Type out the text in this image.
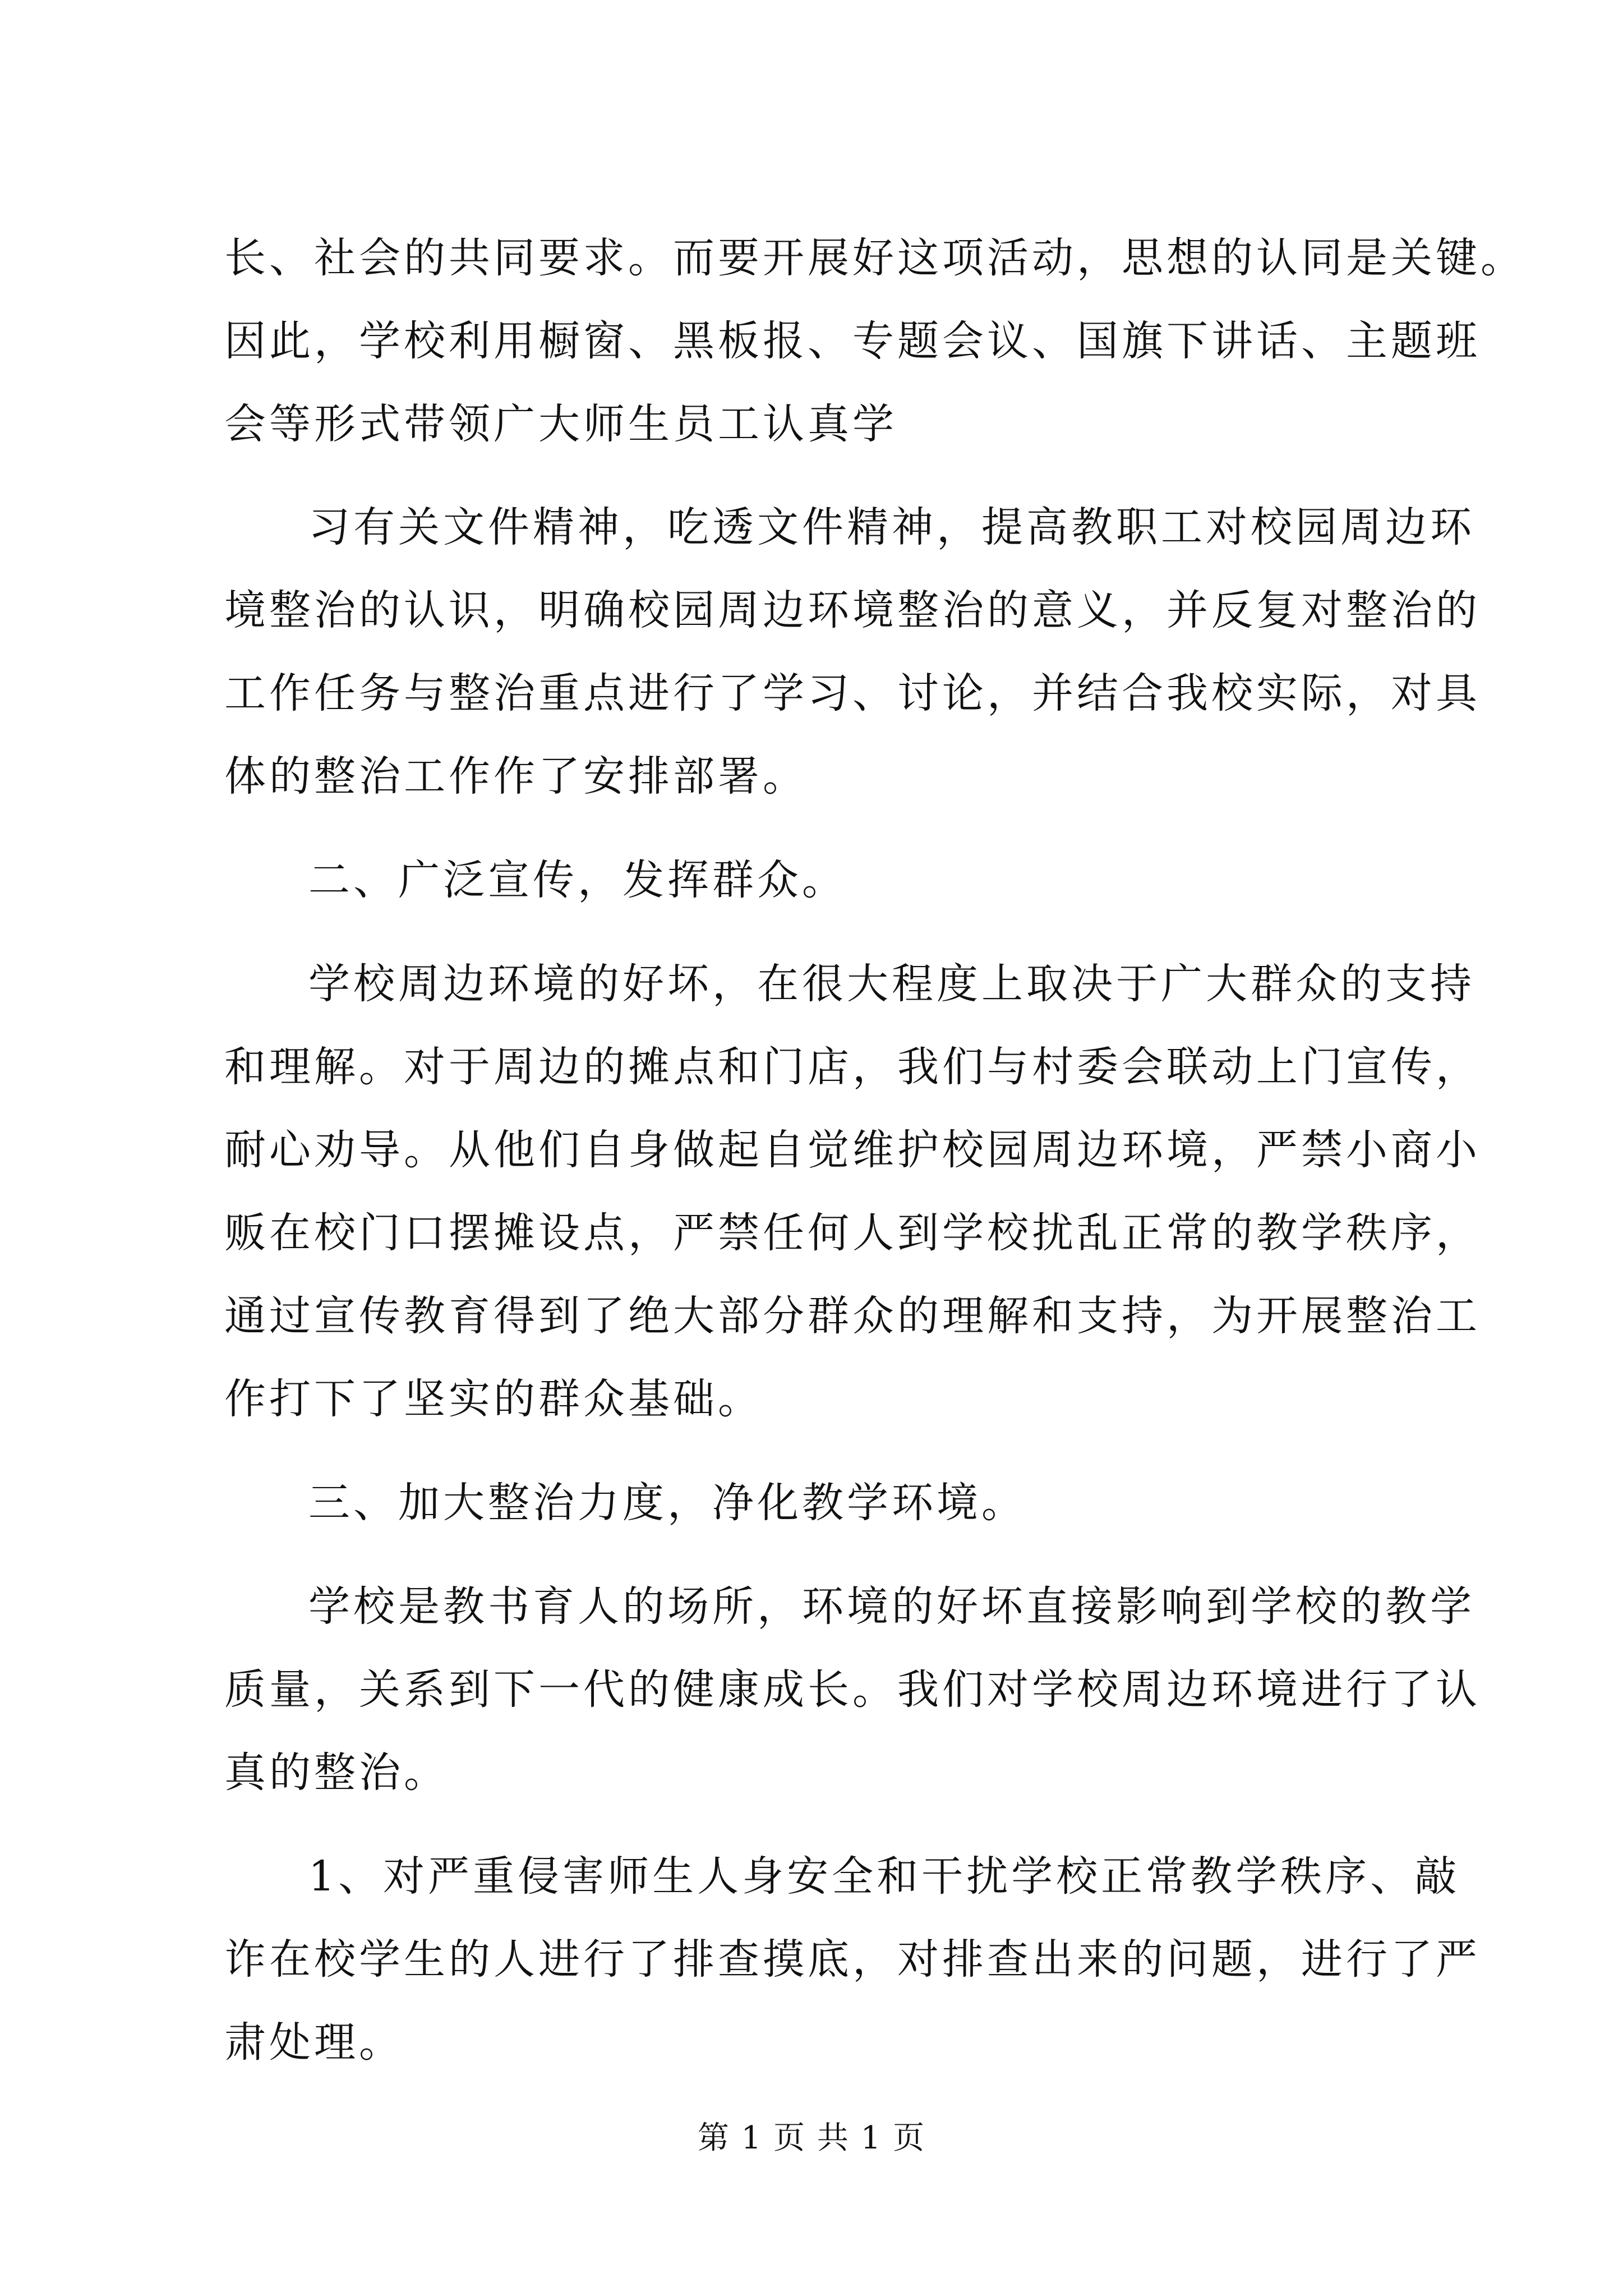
长、社会的共同要求。而要开展好这项活动，思想的认同是关键。
因此，学校利用橱窗、黑板报、专题会议、国旗下讲话、主题班
会等形式带领广大师生员工认真学
习有关文件精神，吃透文件精神，提高教职工对校园周边环
境整治的认识，明确校园周边环境整治的意义，并反复对整治的
工作任务与整治重点进行了学习、讨论，并结合我校实际，对具
体的整治工作作了安排部署。
二、广泛宣传，发挥群众。
学校周边环境的好坏，在很大程度上取决于广大群众的支持
和理解。对于周边的摊点和门店，我们与村委会联动上门宣传，
耐心劝导。从他们自身做起自觉维护校园周边环境，严禁小商小
贩在校门口摆摊设点，严禁任何人到学校扰乱正常的教学秩序，
通过宣传教育得到了绝大部分群众的理解和支持，为开展整治工
作打下了坚实的群众基础。
三、加大整治力度，净化教学环境。
学校是教书育人的场所，环境的好坏直接影响到学校的教学
质量，关系到下一代的健康成长。我们对学校周边环境进行了认
真的整治。
1、对严重侵害师生人身安全和干扰学校正常教学秩序、敲
诈在校学生的人进行了排查摸底，对排查出来的问题，进行了严
肃处理。
第 1 页 共 1 页
